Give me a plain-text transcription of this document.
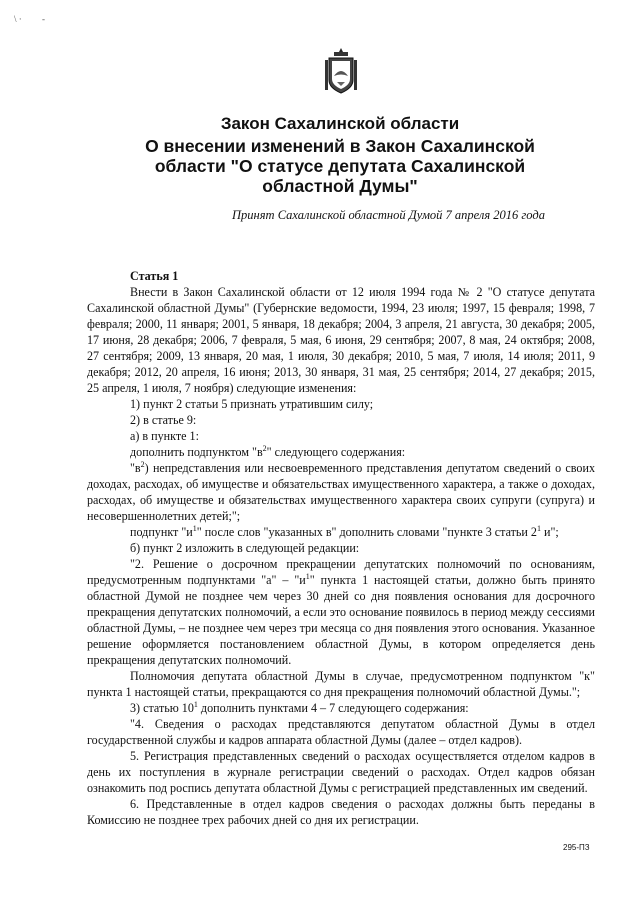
\ · -
Закон Сахалинской области
О внесении изменений в Закон Сахалинской
области "О статусе депутата Сахалинской
областной Думы"
Принят Сахалинской областной Думой 7 апреля 2016 года

Статья 1

Внести в Закон Сахалинской области от 12 июля 1994 года № 2 "О статусе депутата Сахалинской областной Думы" (Губернские ведомости, 1994, 23 июля; 1997, 15 февраля; 1998, 7 февраля; 2000, 11 января; 2001, 5 января, 18 декабря; 2004, 3 апреля, 21 августа, 30 декабря; 2005, 17 июня, 28 декабря; 2006, 7 февраля, 5 мая, 6 июня, 29 сентября; 2007, 8 мая, 24 октября; 2008, 27 сентября; 2009, 13 января, 20 мая, 1 июля, 30 декабря; 2010, 5 мая, 7 июля, 14 июля; 2011, 9 декабря; 2012, 20 апреля, 16 июня; 2013, 30 января, 31 мая, 25 сентября; 2014, 27 декабря; 2015, 25 апреля, 1 июля, 7 ноября) следующие изменения:

1) пункт 2 статьи 5 признать утратившим силу;

2) в статье 9:

а) в пункте 1:

дополнить подпунктом "$в^2$" следующего содержания:

"$в^2$) непредставления или несвоевременного представления депутатом сведений о своих доходах, расходах, об имуществе и обязательствах имущественного характера, а также о доходах, расходах, об имуществе и обязательствах имущественного характера своих супруги (супруга) и несовершеннолетних детей;";

подпункт "$и^1$" после слов "указанных в" дополнить словами "пункте 3 статьи $2^1$ и";

б) пункт 2 изложить в следующей редакции:

"2. Решение о досрочном прекращении депутатских полномочий по основаниям, предусмотренным подпунктами "а" – "$и^1$" пункта 1 настоящей статьи, должно быть принято областной Думой не позднее чем через 30 дней со дня появления основания для досрочного прекращения депутатских полномочий, а если это основание появилось в период между сессиями областной Думы, – не позднее чем через три месяца со дня появления этого основания. Указанное решение оформляется постановлением областной Думы, в котором определяется день прекращения депутатских полномочий.

Полномочия депутата областной Думы в случае, предусмотренном подпунктом "к" пункта 1 настоящей статьи, прекращаются со дня прекращения полномочий областной Думы.";

3) статью $10^1$ дополнить пунктами 4 – 7 следующего содержания:

"4. Сведения о расходах представляются депутатом областной Думы в отдел государственной службы и кадров аппарата областной Думы (далее – отдел кадров).

5. Регистрация представленных сведений о расходах осуществляется отделом кадров в день их поступления в журнале регистрации сведений о расходах. Отдел кадров обязан ознакомить под роспись депутата областной Думы с регистрацией представленных им сведений.

6. Представленные в отдел кадров сведения о расходах должны быть переданы в Комиссию не позднее трех рабочих дней со дня их регистрации.

295-ПЗ
